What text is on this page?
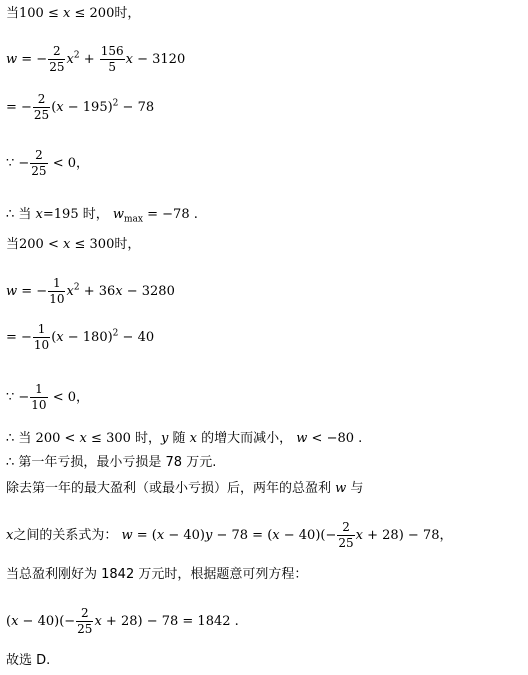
当100 ≤ x ≤ 200时，
w = − $\frac{2}{25} x^2 + \frac{156}{5}$ x − 3120
= − $\frac{2}{25} (x - 195)^2 - 78$
∵ − $\frac{2}{25} < 0$，
∴ 当 x=195 时， $w_{max} = -78$ .
当200 < x ≤ 300时，
w = − $\frac{1}{10} x^2 + 36x - 3280$
= − $\frac{1}{10} (x - 180)^2 - 40$
∵ − $\frac{1}{10} < 0$，
∴ 当 200 < x ≤ 300 时，y 随 x 的增大而减小， w < −80 .
∴ 第一年亏损，最小亏损是 78 万元.
除去第一年的最大盈利（或最小亏损）后，两年的总盈利 w 与
x之间的关系式为： $w = (x - 40)y - 78 = (x - 40)(- \frac{2}{25}$ x + 28) − 78，
当总盈利刚好为 1842 万元时，根据题意可列方程：
$(x - 40)(- \frac{2}{25}$ x + 28) − 78 = 1842 .
故选 D.
